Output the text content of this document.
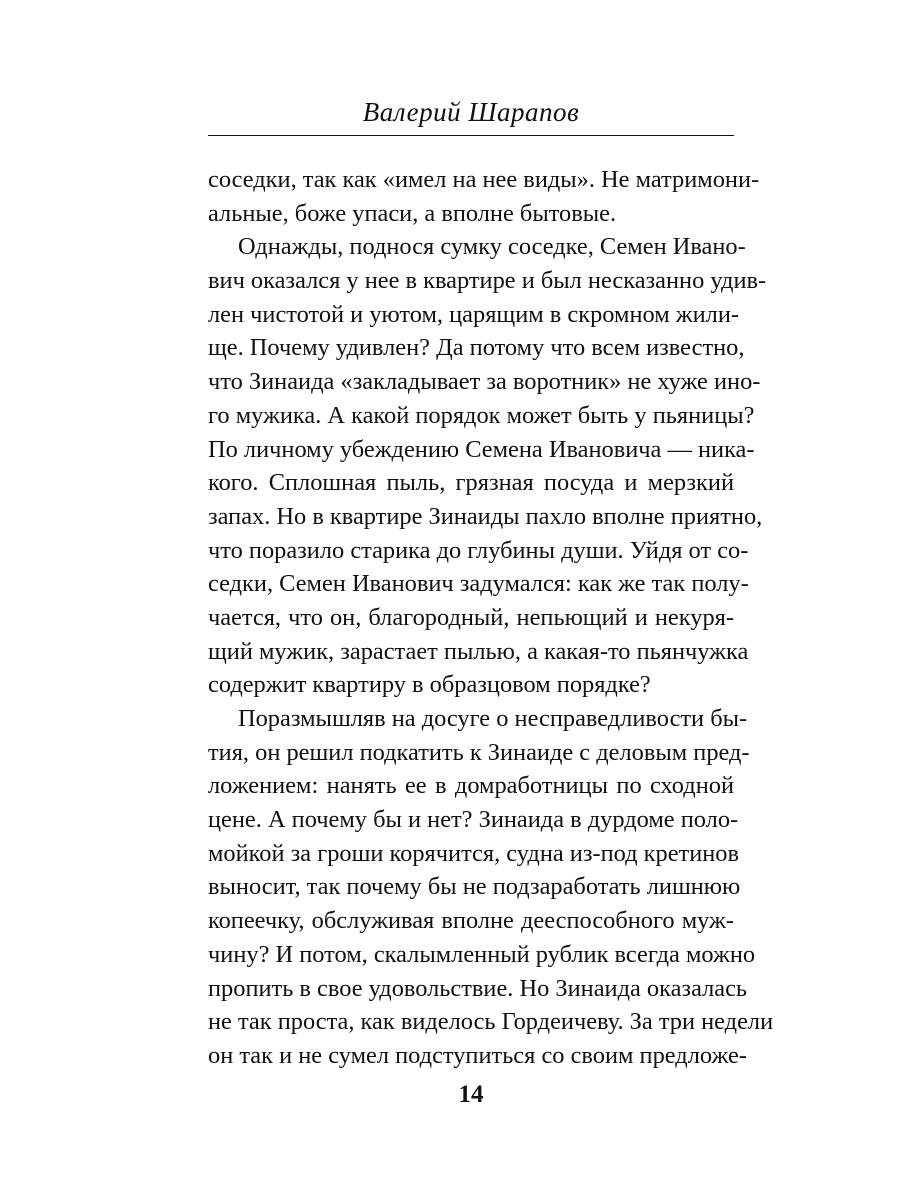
Валерий Шарапов
соседки, так как «имел на нее виды». Не матримони-
альные, боже упаси, а вполне бытовые.
Однажды, поднося сумку соседке, Семен Ивано-
вич оказался у нее в квартире и был несказанно удив-
лен чистотой и уютом, царящим в скромном жили-
ще. Почему удивлен? Да потому что всем известно,
что Зинаида «закладывает за воротник» не хуже ино-
го мужика. А какой порядок может быть у пьяницы?
По личному убеждению Семена Ивановича — ника-
кого. Сплошная пыль, грязная посуда и мерзкий
запах. Но в квартире Зинаиды пахло вполне приятно,
что поразило старика до глубины души. Уйдя от со-
седки, Семен Иванович задумался: как же так полу-
чается, что он, благородный, непьющий и некуря-
щий мужик, зарастает пылью, а какая-то пьянчужка
содержит квартиру в образцовом порядке?
Поразмышляв на досуге о несправедливости бы-
тия, он решил подкатить к Зинаиде с деловым пред-
ложением: нанять ее в домработницы по сходной
цене. А почему бы и нет? Зинаида в дурдоме поло-
мойкой за гроши корячится, судна из-под кретинов
выносит, так почему бы не подзаработать лишнюю
копеечку, обслуживая вполне дееспособного муж-
чину? И потом, скалымленный рублик всегда можно
пропить в свое удовольствие. Но Зинаида оказалась
не так проста, как виделось Гордеичеву. За три недели
он так и не сумел подступиться со своим предложе-
14
